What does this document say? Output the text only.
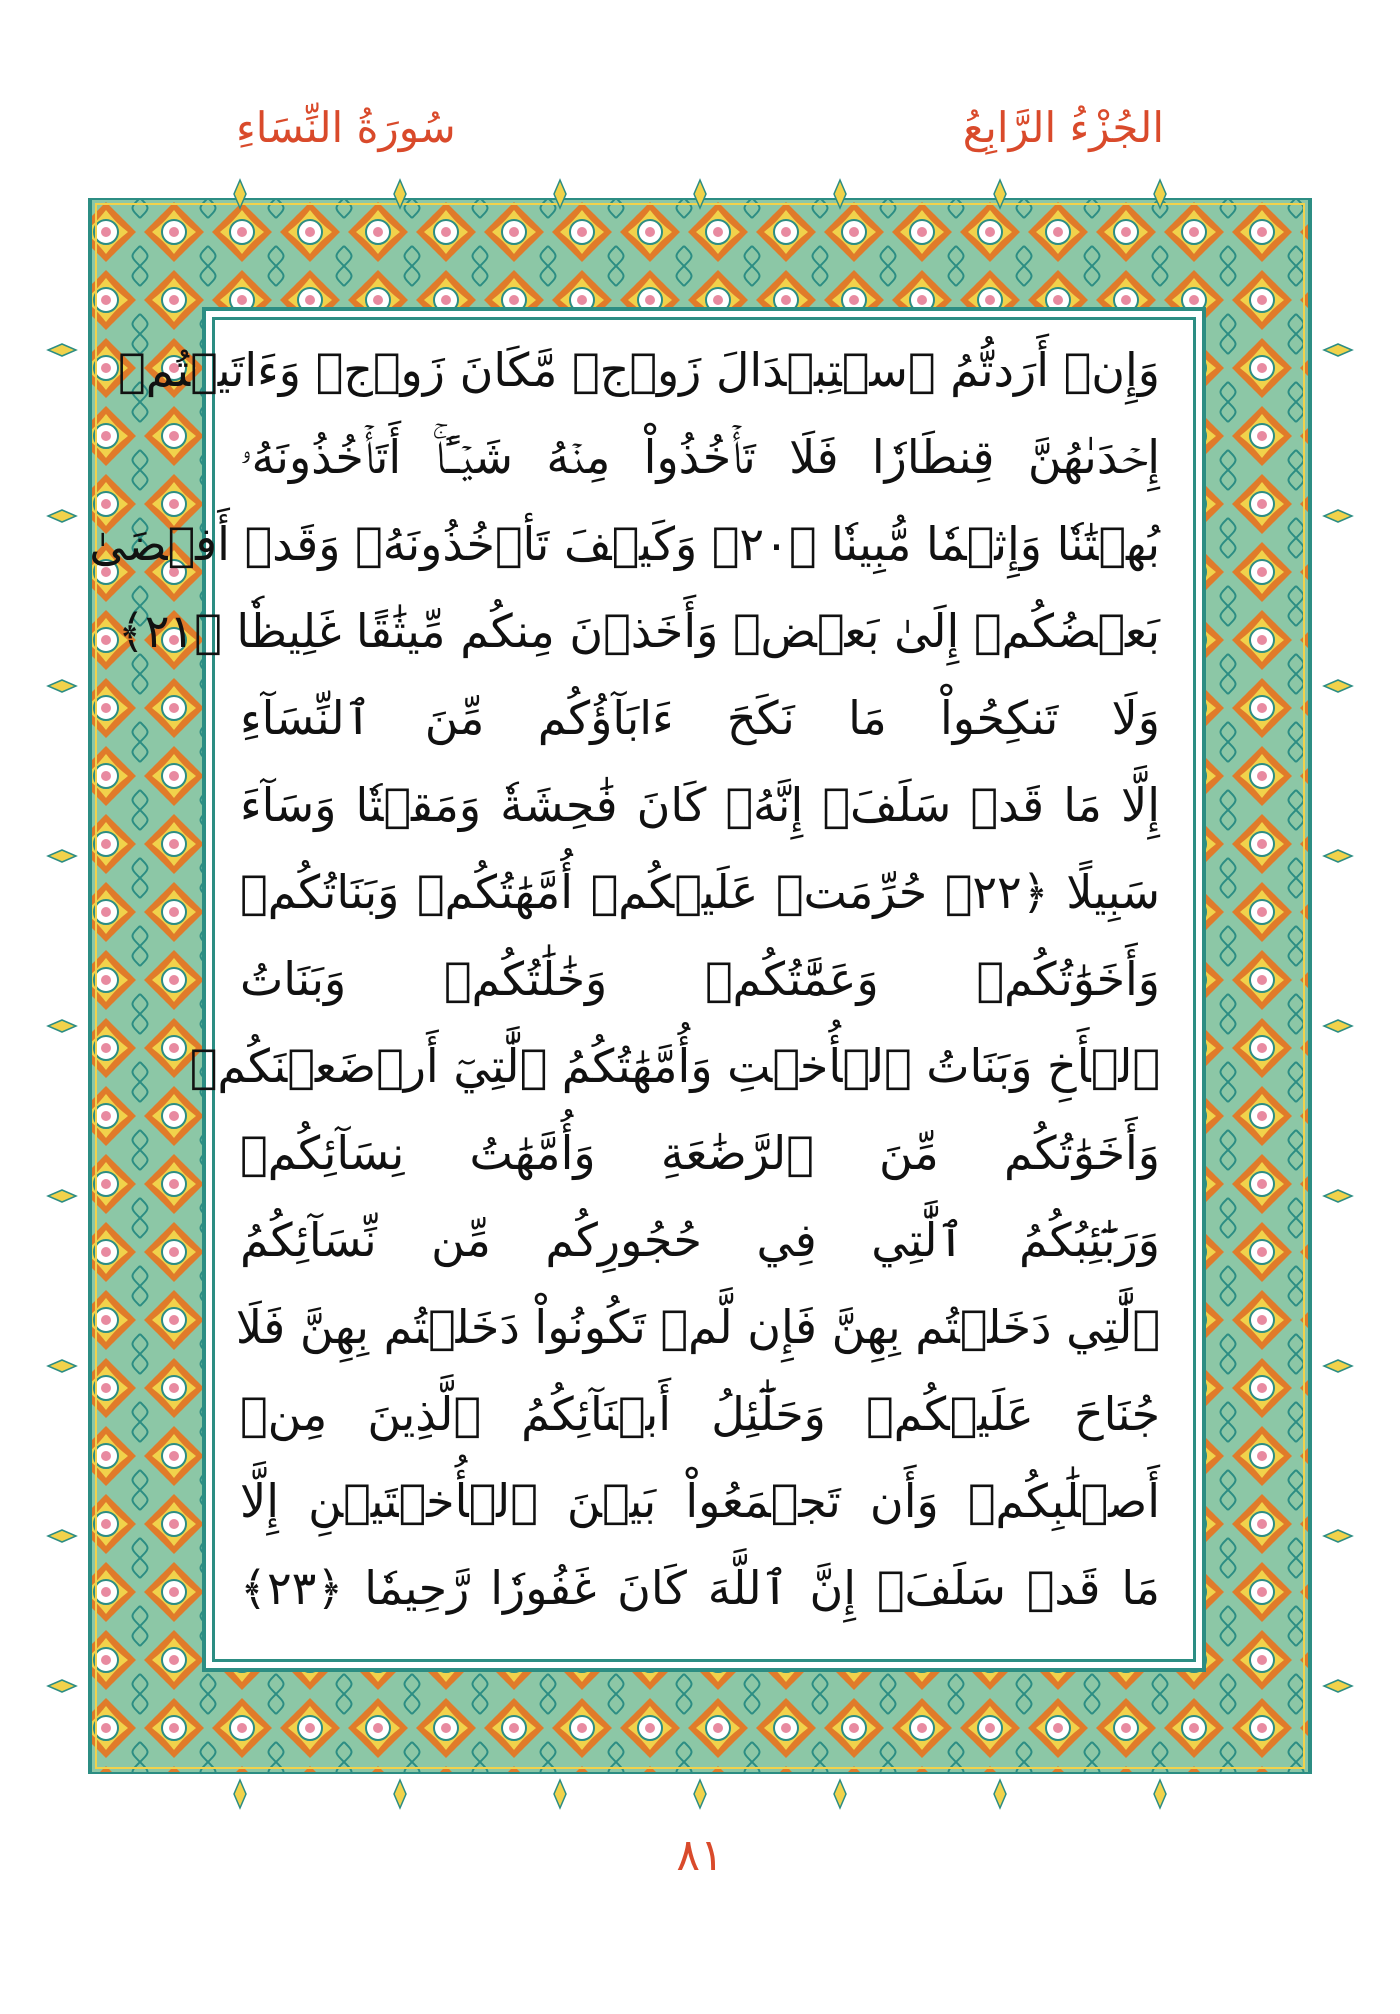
الجُزْءُ الرَّابِعُ
سُورَةُ النِّسَاءِ
وَإِنۡ أَرَدتُّمُ ٱسۡتِبۡدَالَ زَوۡجٖ مَّكَانَ زَوۡجٖ وَءَاتَيۡتُمۡ
إِحۡدَىٰهُنَّ قِنطَارٗا فَلَا تَأۡخُذُواْ مِنۡهُ شَيۡـًٔاۚ أَتَأۡخُذُونَهُۥ
بُهۡتَٰنٗا وَإِثۡمٗا مُّبِينٗا ﴿٢٠﴾ وَكَيۡفَ تَأۡخُذُونَهُۥ وَقَدۡ أَفۡضَىٰ
بَعۡضُكُمۡ إِلَىٰ بَعۡضٖ وَأَخَذۡنَ مِنكُم مِّيثَٰقًا غَلِيظٗا ﴿٢١﴾
وَلَا تَنكِحُواْ مَا نَكَحَ ءَابَآؤُكُم مِّنَ ٱلنِّسَآءِ
إِلَّا مَا قَدۡ سَلَفَۚ إِنَّهُۥ كَانَ فَٰحِشَةٗ وَمَقۡتٗا وَسَآءَ
سَبِيلًا ﴿٢٢﴾ حُرِّمَتۡ عَلَيۡكُمۡ أُمَّهَٰتُكُمۡ وَبَنَاتُكُمۡ
وَأَخَوَٰتُكُمۡ وَعَمَّٰتُكُمۡ وَخَٰلَٰتُكُمۡ وَبَنَاتُ
ٱلۡأَخِ وَبَنَاتُ ٱلۡأُخۡتِ وَأُمَّهَٰتُكُمُ ٱلَّٰتِيٓ أَرۡضَعۡنَكُمۡ
وَأَخَوَٰتُكُم مِّنَ ٱلرَّضَٰعَةِ وَأُمَّهَٰتُ نِسَآئِكُمۡ
وَرَبَٰٓئِبُكُمُ ٱلَّٰتِي فِي حُجُورِكُم مِّن نِّسَآئِكُمُ
ٱلَّٰتِي دَخَلۡتُم بِهِنَّ فَإِن لَّمۡ تَكُونُواْ دَخَلۡتُم بِهِنَّ فَلَا
جُنَاحَ عَلَيۡكُمۡ وَحَلَٰٓئِلُ أَبۡنَآئِكُمُ ٱلَّذِينَ مِنۡ
أَصۡلَٰبِكُمۡ وَأَن تَجۡمَعُواْ بَيۡنَ ٱلۡأُخۡتَيۡنِ إِلَّا
مَا قَدۡ سَلَفَۗ إِنَّ ٱللَّهَ كَانَ غَفُورٗا رَّحِيمٗا ﴿٢٣﴾
٨١
